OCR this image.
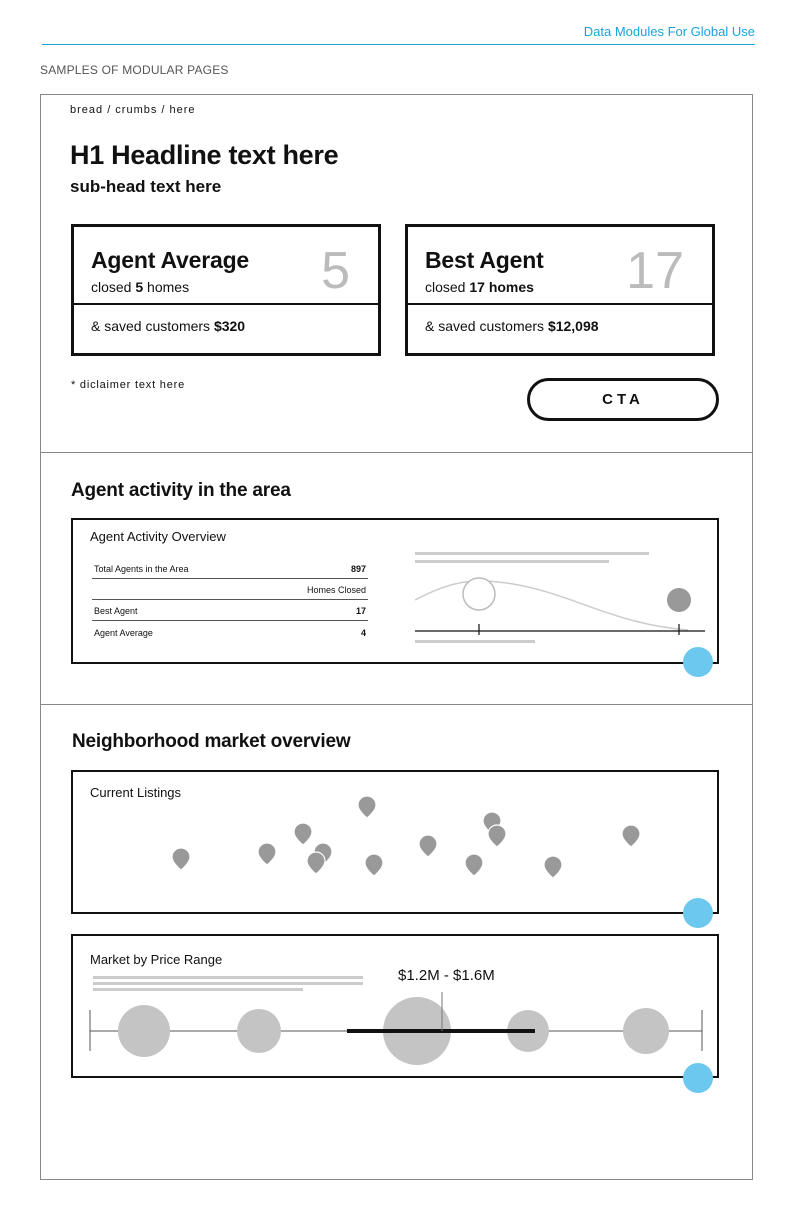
Data Modules For Global Use
SAMPLES OF MODULAR PAGES
bread / crumbs / here
H1 Headline text here
sub-head text here
Agent Average
closed 5 homes	5
& saved customers $320
Best Agent
closed 17 homes 17
& saved customers $12,098
* diclaimer text here
CTA
Agent activity in the area
Agent Activity Overview
Total Agents in the Area	897
Homes Closed
Best Agent	17
Agent Average	4
Neighborhood market overview
Current Listings
Market by Price Range
$1.2M - $1.6M
